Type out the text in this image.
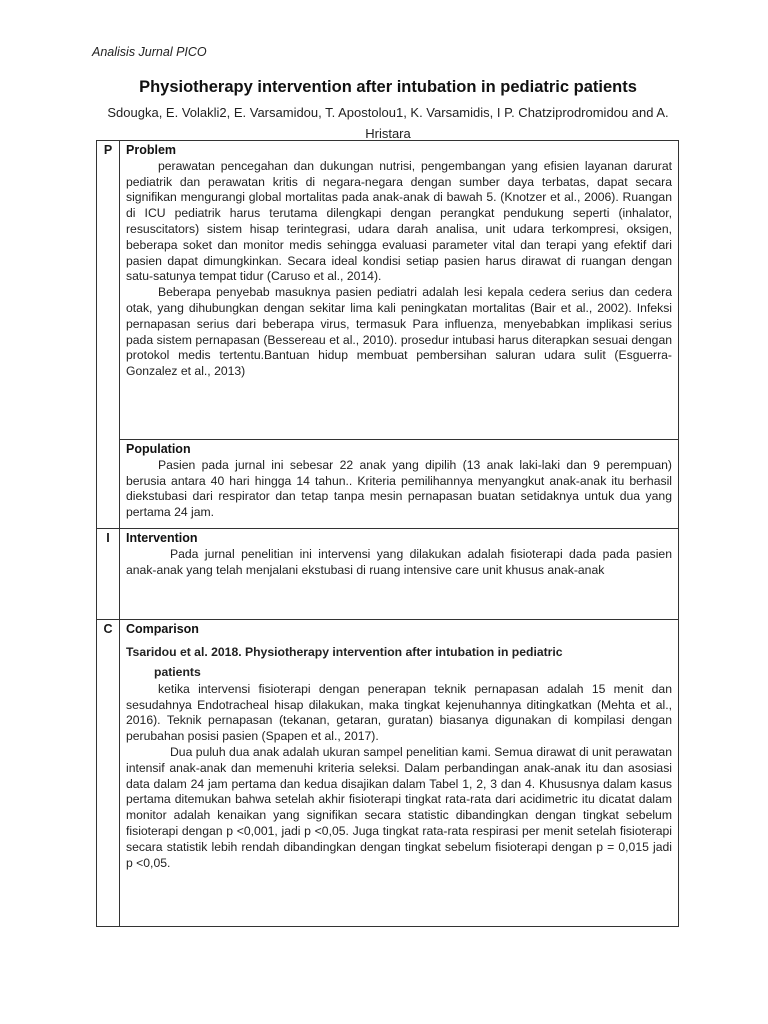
Analisis Jurnal PICO
Physiotherapy intervention after intubation in pediatric patients
Sdougka, E. Volakli2, E. Varsamidou, T. Apostolou1, K. Varsamidis, I P. Chatziprodromidou and A. Hristara
P	Problem

perawatan pencegahan dan dukungan nutrisi, pengembangan yang efisien layanan darurat pediatrik dan perawatan kritis di negara-negara dengan sumber daya terbatas, dapat secara signifikan mengurangi global mortalitas pada anak-anak di bawah 5. (Knotzer et al., 2006). Ruangan di ICU pediatrik harus terutama dilengkapi dengan perangkat pendukung seperti (inhalator, resuscitators) sistem hisap terintegrasi, udara darah analisa, unit udara terkompresi, oksigen, beberapa soket dan monitor medis sehingga evaluasi parameter vital dan terapi yang efektif dari pasien dapat dimungkinkan. Secara ideal kondisi setiap pasien harus dirawat di ruangan dengan satu-satunya tempat tidur (Caruso et al., 2014).

Beberapa penyebab masuknya pasien pediatri adalah lesi kepala cedera serius dan cedera otak, yang dihubungkan dengan sekitar lima kali peningkatan mortalitas (Bair et al., 2002). Infeksi pernapasan serius dari beberapa virus, termasuk Para influenza, menyebabkan implikasi serius pada sistem pernapasan (Bessereau et al., 2010). prosedur intubasi harus diterapkan sesuai dengan protokol medis tertentu.Bantuan hidup membuat pembersihan saluran udara sulit (Esguerra-Gonzalez et al., 2013)

	Population

Pasien pada jurnal ini sebesar 22 anak yang dipilih (13 anak laki-laki dan 9 perempuan) berusia antara 40 hari hingga 14 tahun.. Kriteria pemilihannya menyangkut anak-anak itu berhasil diekstubasi dari respirator dan tetap tanpa mesin pernapasan buatan setidaknya untuk dua yang pertama 24 jam.

I	Intervention

Pada jurnal penelitian ini intervensi yang dilakukan adalah fisioterapi dada pada pasien anak-anak yang telah menjalani ekstubasi di ruang intensive care unit khusus anak-anak

C	Comparison
Tsaridou et al. 2018. Physiotherapy intervention after intubation in pediatric
patients

ketika intervensi fisioterapi dengan penerapan teknik pernapasan adalah 15 menit dan sesudahnya Endotracheal hisap dilakukan, maka tingkat kejenuhannya ditingkatkan (Mehta et al., 2016). Teknik pernapasan (tekanan, getaran, guratan) biasanya digunakan di kompilasi dengan perubahan posisi pasien (Spapen et al., 2017).

Dua puluh dua anak adalah ukuran sampel penelitian kami. Semua dirawat di unit perawatan intensif anak-anak dan memenuhi kriteria seleksi. Dalam perbandingan anak-anak itu dan asosiasi data dalam 24 jam pertama dan kedua disajikan dalam Tabel 1, 2, 3 dan 4. Khususnya dalam kasus pertama ditemukan bahwa setelah akhir fisioterapi tingkat rata-rata dari acidimetric itu dicatat dalam monitor adalah kenaikan yang signifikan secara statistic dibandingkan dengan tingkat sebelum fisioterapi dengan p <0,001, jadi p <0,05. Juga tingkat rata-rata respirasi per menit setelah fisioterapi secara statistik lebih rendah dibandingkan dengan tingkat sebelum fisioterapi dengan p = 0,015 jadi p <0,05.
